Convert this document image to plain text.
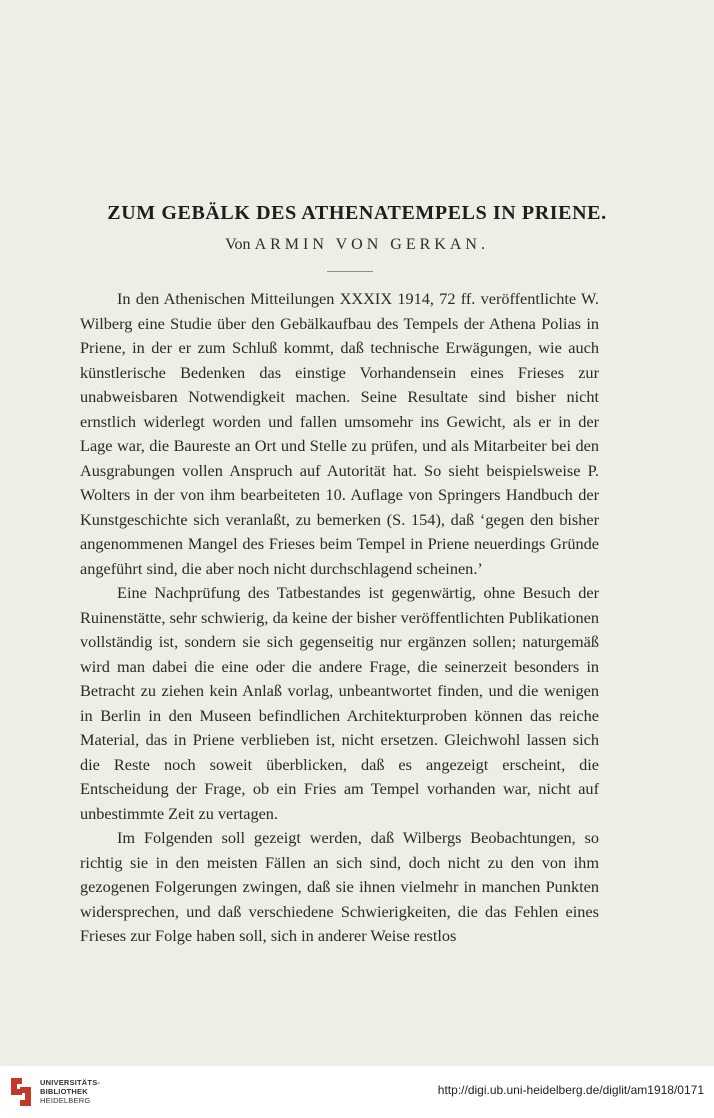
ZUM GEBÄLK DES ATHENATEMPELS IN PRIENE.

Von ARMIN VON GERKAN.

In den Athenischen Mitteilungen XXXIX 1914, 72 ff. veröffentlichte W. Wilberg eine Studie über den Gebälkaufbau des Tempels der Athena Polias in Priene, in der er zum Schluß kommt, daß technische Erwägungen, wie auch künstlerische Bedenken das einstige Vorhandensein eines Frieses zur unabweisbaren Notwendigkeit machen. Seine Resultate sind bisher nicht ernstlich widerlegt worden und fallen umsomehr ins Gewicht, als er in der Lage war, die Baureste an Ort und Stelle zu prüfen, und als Mitarbeiter bei den Ausgrabungen vollen Anspruch auf Autorität hat. So sieht beispielsweise P. Wolters in der von ihm bearbeiteten 10. Auflage von Springers Handbuch der Kunstgeschichte sich veranlaßt, zu bemerken (S. 154), daß ‘gegen den bisher angenommenen Mangel des Frieses beim Tempel in Priene neuerdings Gründe angeführt sind, die aber noch nicht durchschlagend scheinen.’

Eine Nachprüfung des Tatbestandes ist gegenwärtig, ohne Besuch der Ruinenstätte, sehr schwierig, da keine der bisher veröffentlichten Publikationen vollständig ist, sondern sie sich gegenseitig nur ergänzen sollen; naturgemäß wird man dabei die eine oder die andere Frage, die seinerzeit besonders in Betracht zu ziehen kein Anlaß vorlag, unbeantwortet finden, und die wenigen in Berlin in den Museen befindlichen Architekturproben können das reiche Material, das in Priene verblieben ist, nicht ersetzen. Gleichwohl lassen sich die Reste noch soweit überblicken, daß es angezeigt erscheint, die Entscheidung der Frage, ob ein Fries am Tempel vorhanden war, nicht auf unbestimmte Zeit zu vertagen.

Im Folgenden soll gezeigt werden, daß Wilbergs Beobachtungen, so richtig sie in den meisten Fällen an sich sind, doch nicht zu den von ihm gezogenen Folgerungen zwingen, daß sie ihnen vielmehr in manchen Punkten widersprechen, und daß verschiedene Schwierigkeiten, die das Fehlen eines Frieses zur Folge haben soll, sich in anderer Weise restlos

UNIVERSITÄTS-
BIBLIOTHEK
HEIDELBERG
http://digi.ub.uni-heidelberg.de/diglit/am1918/0171
